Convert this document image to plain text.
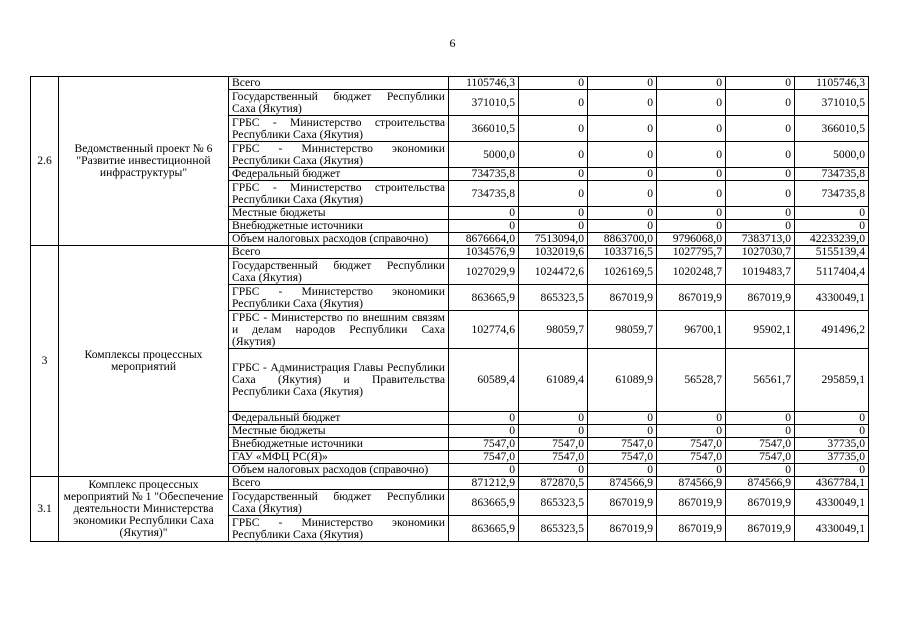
6
2.6	Ведомственный проект № 6 "Развитие инвестиционной инфраструктуры"	Всего	1105746,3	0	0	0	0	1105746,3
		Государственный бюджет Республики Саха (Якутия)	371010,5	0	0	0	0	371010,5
		ГРБС - Министерство строительства Республики Саха (Якутия)	366010,5	0	0	0	0	366010,5
		ГРБС - Министерство экономики Республики Саха (Якутия)	5000,0	0	0	0	0	5000,0
		Федеральный бюджет	734735,8	0	0	0	0	734735,8
		ГРБС - Министерство строительства Республики Саха (Якутия)	734735,8	0	0	0	0	734735,8
		Местные бюджеты	0	0	0	0	0	0
		Внебюджетные источники	0	0	0	0	0	0
		Объем налоговых расходов (справочно)	8676664,0	7513094,0	8863700,0	9796068,0	7383713,0	42233239,0
3	Комплексы процессных мероприятий	Всего	1034576,9	1032019,6	1033716,5	1027795,7	1027030,7	5155139,4
		Государственный бюджет Республики Саха (Якутия)	1027029,9	1024472,6	1026169,5	1020248,7	1019483,7	5117404,4
		ГРБС - Министерство экономики Республики Саха (Якутия)	863665,9	865323,5	867019,9	867019,9	867019,9	4330049,1
		ГРБС - Министерство по внешним связям и делам народов Республики Саха (Якутия)	102774,6	98059,7	98059,7	96700,1	95902,1	491496,2
		ГРБС - Администрация Главы Республики Саха (Якутия) и Правительства Республики Саха (Якутия)	60589,4	61089,4	61089,9	56528,7	56561,7	295859,1
		Федеральный бюджет	0	0	0	0	0	0
		Местные бюджеты	0	0	0	0	0	0
		Внебюджетные источники	7547,0	7547,0	7547,0	7547,0	7547,0	37735,0
		ГАУ «МФЦ РС(Я)»	7547,0	7547,0	7547,0	7547,0	7547,0	37735,0
		Объем налоговых расходов (справочно)	0	0	0	0	0	0
3.1	Комплекс процессных мероприятий № 1 "Обеспечение деятельности Министерства экономики Республики Саха (Якутия)"	Всего	871212,9	872870,5	874566,9	874566,9	874566,9	4367784,1
		Государственный бюджет Республики Саха (Якутия)	863665,9	865323,5	867019,9	867019,9	867019,9	4330049,1
		ГРБС - Министерство экономики Республики Саха (Якутия)	863665,9	865323,5	867019,9	867019,9	867019,9	4330049,1
